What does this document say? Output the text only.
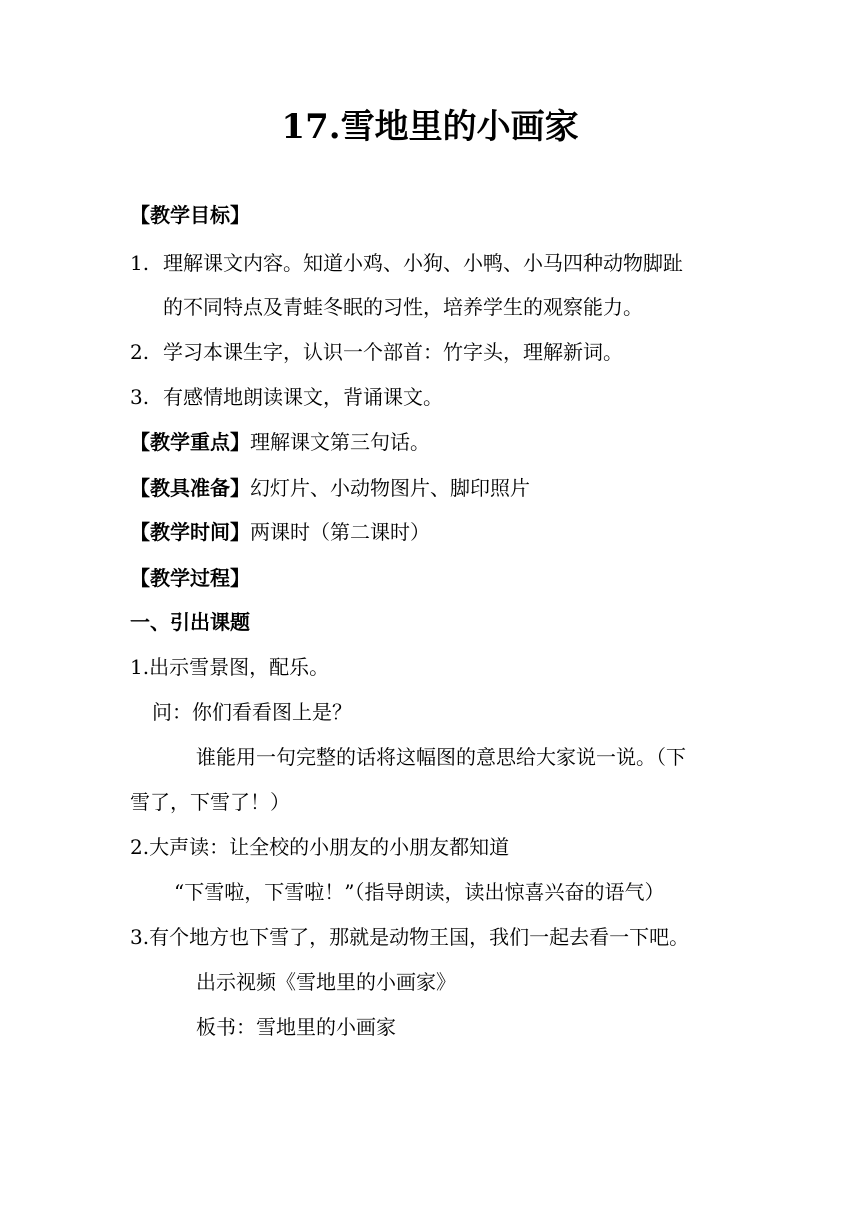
17.雪地里的小画家
【教学目标】
1. 理解课文内容。知道小鸡、小狗、小鸭、小马四种动物脚趾
的不同特点及青蛙冬眠的习性，培养学生的观察能力。
2. 学习本课生字，认识一个部首：竹字头，理解新词。
3. 有感情地朗读课文，背诵课文。
【教学重点】理解课文第三句话。
【教具准备】幻灯片、小动物图片、脚印照片
【教学时间】两课时（第二课时）
【教学过程】
一、引出课题
1.出示雪景图，配乐。
问：你们看看图上是？
谁能用一句完整的话将这幅图的意思给大家说一说。（下
雪了，下雪了！）
2.大声读：让全校的小朋友的小朋友都知道
“下雪啦，下雪啦！”（指导朗读，读出惊喜兴奋的语气）
3.有个地方也下雪了，那就是动物王国，我们一起去看一下吧。
出示视频《雪地里的小画家》
板书：雪地里的小画家
